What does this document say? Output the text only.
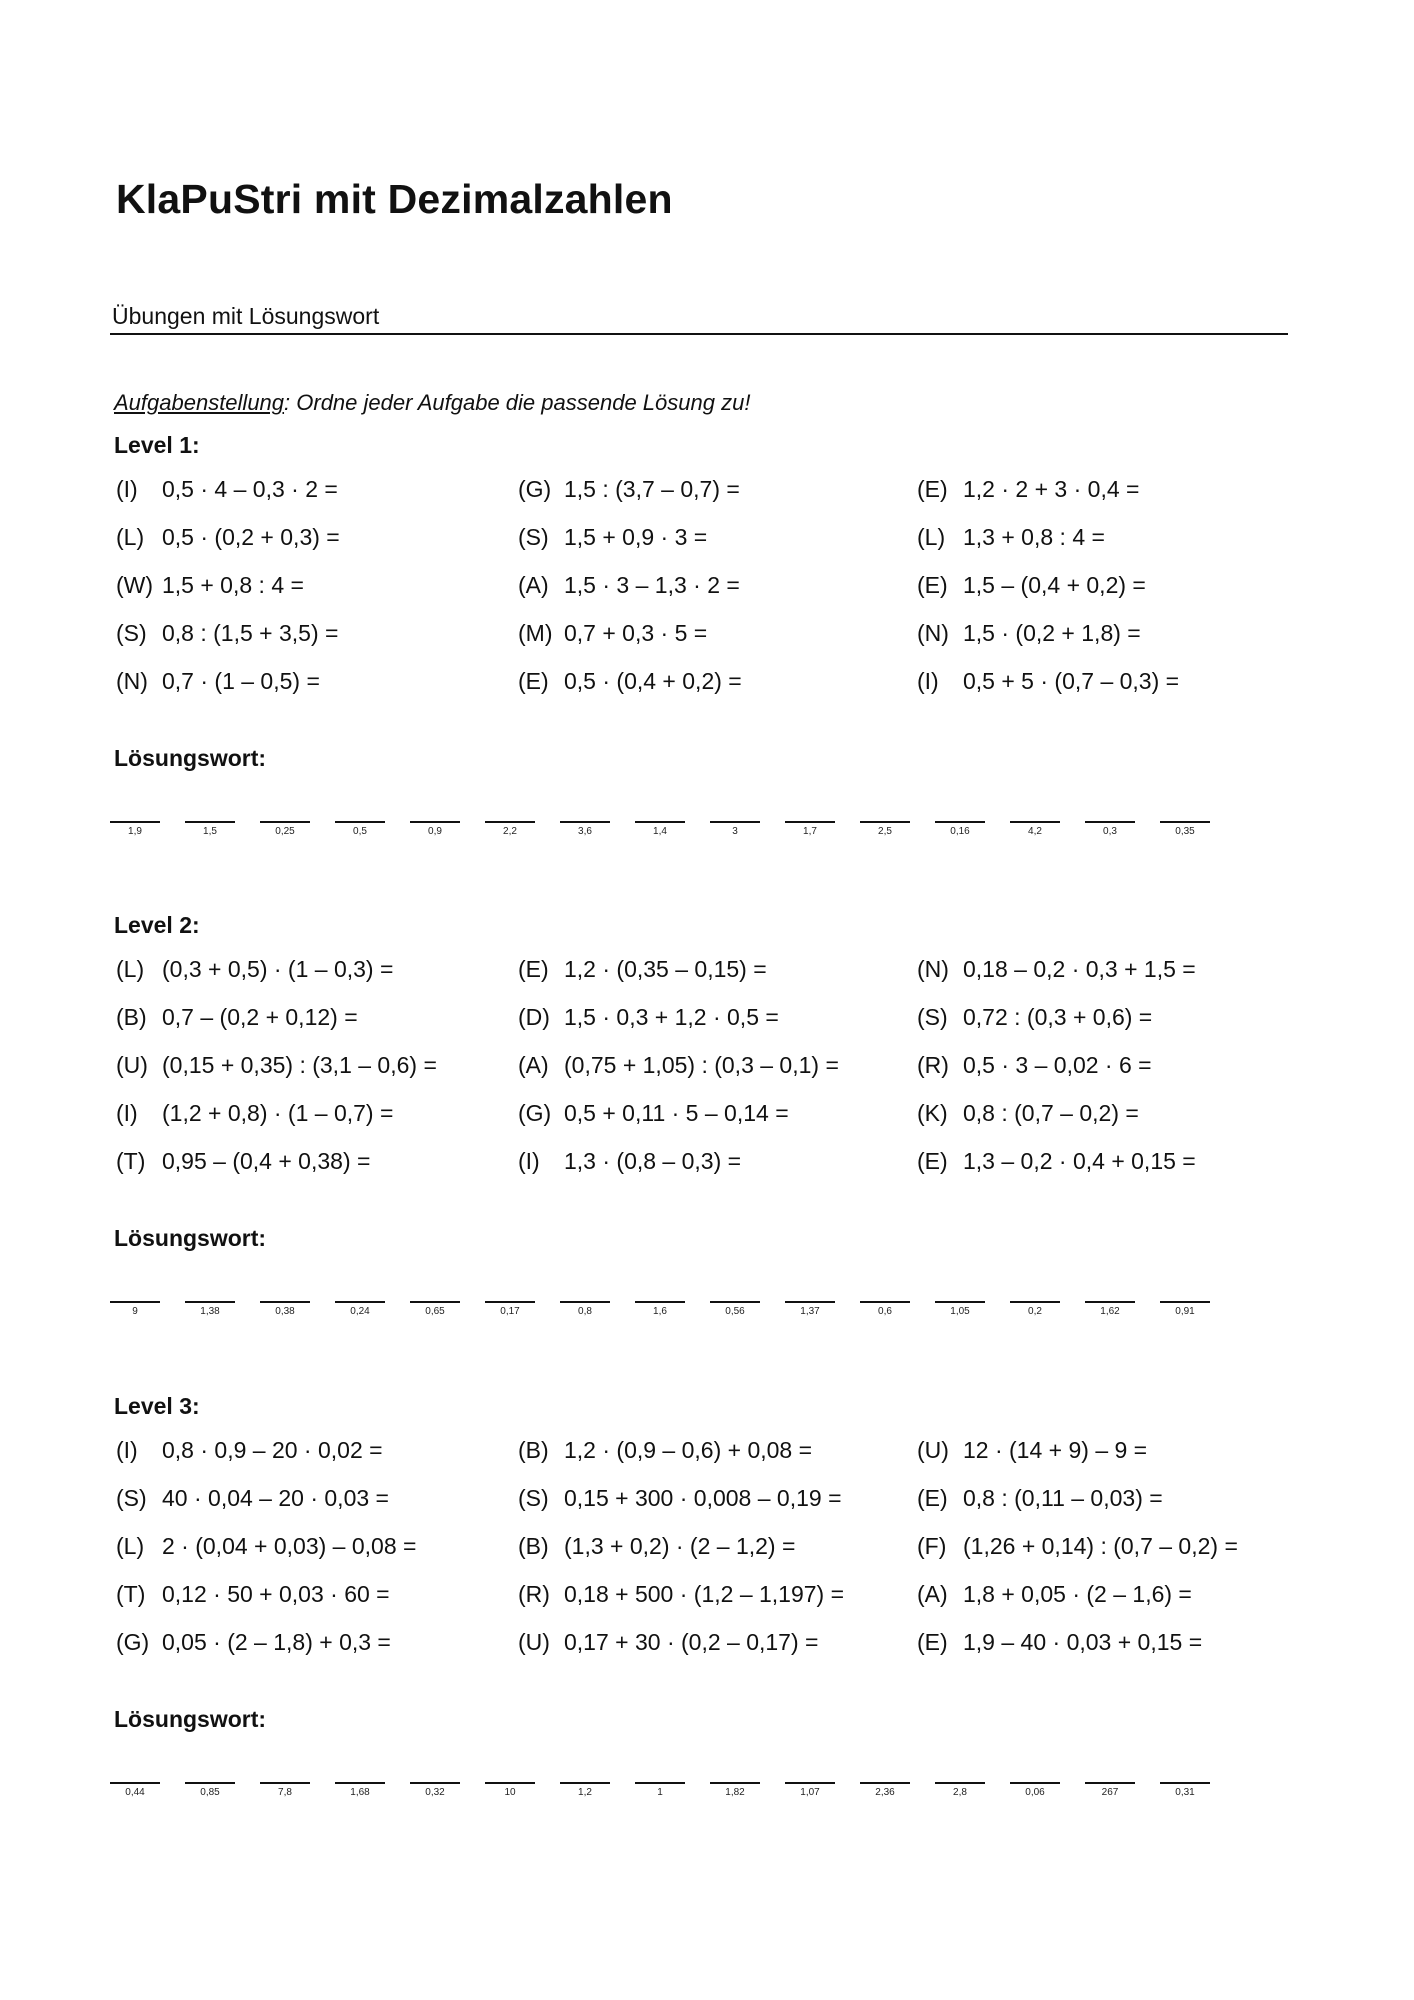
KlaPuStri mit Dezimalzahlen
Übungen mit Lösungswort
Aufgabenstellung: Ordne jeder Aufgabe die passende Lösung zu!
Level 1:
(I) 0,5 · 4 – 0,3 · 2 =	(G) 1,5 : (3,7 – 0,7) =	(E) 1,2 · 2 + 3 · 0,4 =
(L) 0,5 · (0,2 + 0,3) =	(S) 1,5 + 0,9 · 3 =	(L) 1,3 + 0,8 : 4 =
(W) 1,5 + 0,8 : 4 =	(A) 1,5 · 3 – 1,3 · 2 =	(E) 1,5 – (0,4 + 0,2) =
(S) 0,8 : (1,5 + 3,5) =	(M) 0,7 + 0,3 · 5 =	(N) 1,5 · (0,2 + 1,8) =
(N) 0,7 · (1 – 0,5) =	(E) 0,5 · (0,4 + 0,2) =	(I) 0,5 + 5 · (0,7 – 0,3) =
Lösungswort:
1,9	1,5	0,25	0,5	0,9	2,2	3,6	1,4	3	1,7	2,5	0,16	4,2	0,3	0,35
Level 2:
(L) (0,3 + 0,5) · (1 – 0,3) =	(E) 1,2 · (0,35 – 0,15) =	(N) 0,18 – 0,2 · 0,3 + 1,5 =
(B) 0,7 – (0,2 + 0,12) =	(D) 1,5 · 0,3 + 1,2 · 0,5 =	(S) 0,72 : (0,3 + 0,6) =
(U) (0,15 + 0,35) : (3,1 – 0,6) =	(A) (0,75 + 1,05) : (0,3 – 0,1) =	(R) 0,5 · 3 – 0,02 · 6 =
(I) (1,2 + 0,8) · (1 – 0,7) =	(G) 0,5 + 0,11 · 5 – 0,14 =	(K) 0,8 : (0,7 – 0,2) =
(T) 0,95 – (0,4 + 0,38) =	(I) 1,3 · (0,8 – 0,3) =	(E) 1,3 – 0,2 · 0,4 + 0,15 =
Lösungswort:
9	1,38	0,38	0,24	0,65	0,17	0,8	1,6	0,56	1,37	0,6	1,05	0,2	1,62	0,91
Level 3:
(I) 0,8 · 0,9 – 20 · 0,02 =	(B) 1,2 · (0,9 – 0,6) + 0,08 =	(U) 12 · (14 + 9) – 9 =
(S) 40 · 0,04 – 20 · 0,03 =	(S) 0,15 + 300 · 0,008 – 0,19 =	(E) 0,8 : (0,11 – 0,03) =
(L) 2 · (0,04 + 0,03) – 0,08 =	(B) (1,3 + 0,2) · (2 – 1,2) =	(F) (1,26 + 0,14) : (0,7 – 0,2) =
(T) 0,12 · 50 + 0,03 · 60 =	(R) 0,18 + 500 · (1,2 – 1,197) =	(A) 1,8 + 0,05 · (2 – 1,6) =
(G) 0,05 · (2 – 1,8) + 0,3 =	(U) 0,17 + 30 · (0,2 – 0,17) =	(E) 1,9 – 40 · 0,03 + 0,15 =
Lösungswort:
0,44	0,85	7,8	1,68	0,32	10	1,2	1	1,82	1,07	2,36	2,8	0,06	267	0,31
